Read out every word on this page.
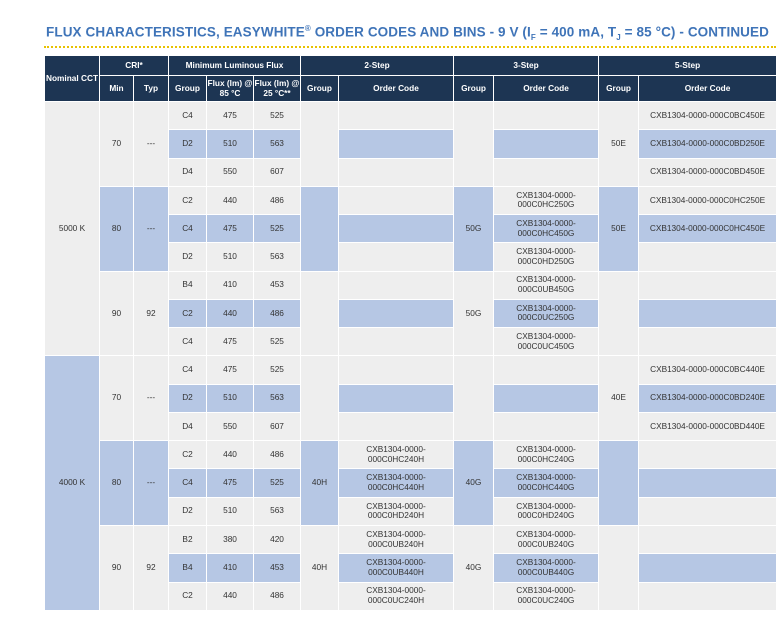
FLUX CHARACTERISTICS, EASYWHITE® ORDER CODES AND BINS - 9 V ($I_F = 400$ mA, $T_J = 85$ °C) - CONTINUED
Nominal CCT	CRI*		Minimum Luminous Flux			2-Step		3-Step		5-Step	
	Min	Typ	Group	Flux (lm) @ 85 °C	Flux (lm) @ 25 °C**	Group	Order Code	Group	Order Code	Group	Order Code
5000 K	70	---	C4	475	525					50E	CXB1304-0000-000C0BC450E
			D2	510	563						CXB1304-0000-000C0BD250E
			D4	550	607						CXB1304-0000-000C0BD450E
	80	---	C2	440	486			50G	CXB1304-0000-000C0HC250G	50E	CXB1304-0000-000C0HC250E
			C4	475	525				CXB1304-0000-000C0HC450G		CXB1304-0000-000C0HC450E
			D2	510	563				CXB1304-0000-000C0HD250G		
	90	92	B4	410	453			50G	CXB1304-0000-000C0UB450G		
			C2	440	486				CXB1304-0000-000C0UC250G		
			C4	475	525				CXB1304-0000-000C0UC450G		
4000 K	70	---	C4	475	525					40E	CXB1304-0000-000C0BC440E
			D2	510	563						CXB1304-0000-000C0BD240E
			D4	550	607						CXB1304-0000-000C0BD440E
	80	---	C2	440	486	40H	CXB1304-0000-000C0HC240H	40G	CXB1304-0000-000C0HC240G		
			C4	475	525		CXB1304-0000-000C0HC440H		CXB1304-0000-000C0HC440G		
			D2	510	563		CXB1304-0000-000C0HD240H		CXB1304-0000-000C0HD240G		
	90	92	B2	380	420	40H	CXB1304-0000-000C0UB240H	40G	CXB1304-0000-000C0UB240G		
			B4	410	453		CXB1304-0000-000C0UB440H		CXB1304-0000-000C0UB440G		
			C2	440	486		CXB1304-0000-000C0UC240H		CXB1304-0000-000C0UC240G		
